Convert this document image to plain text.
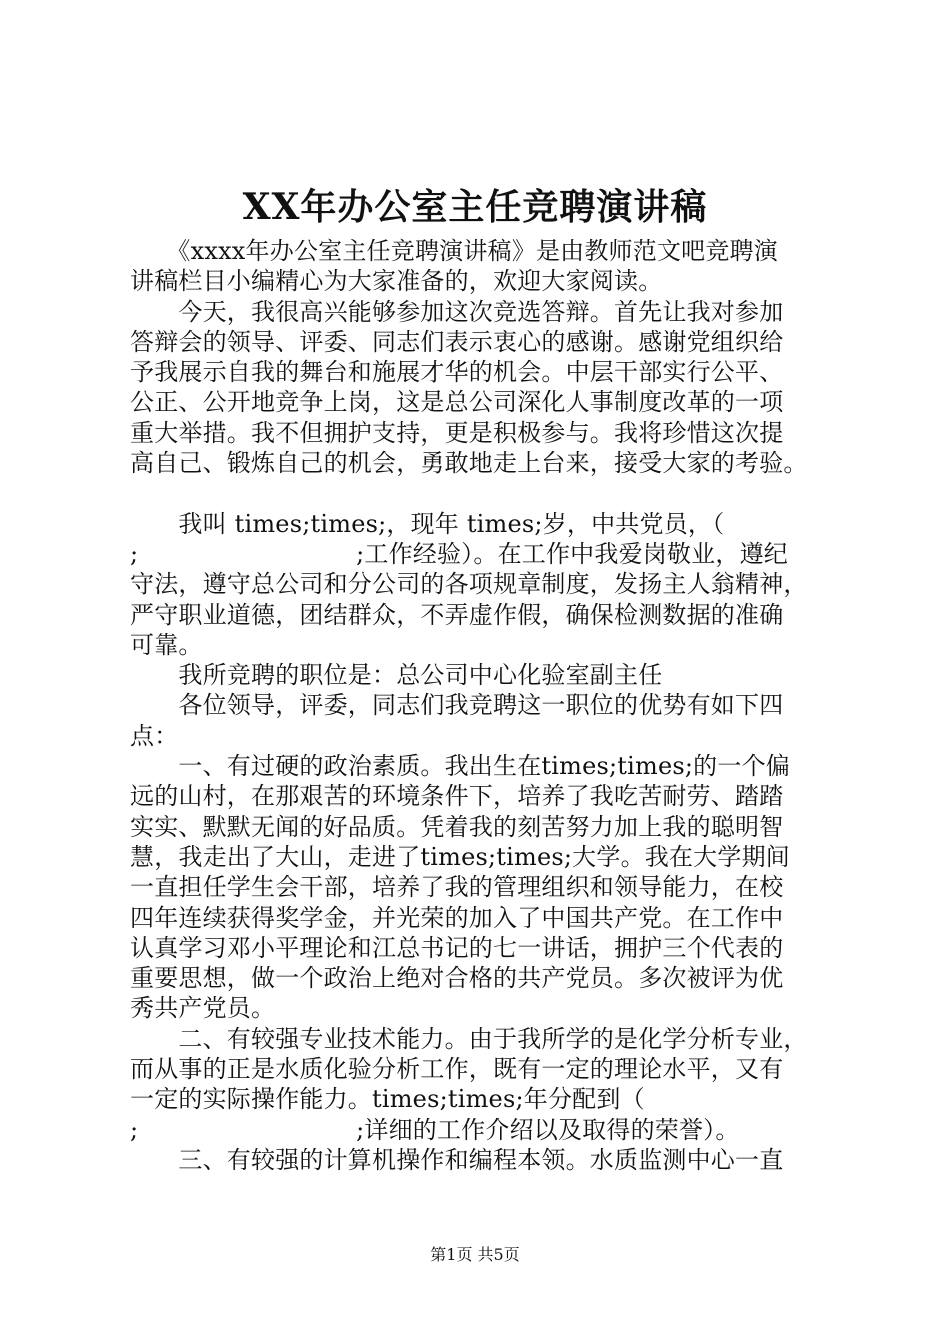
XX年办公室主任竞聘演讲稿
　　《xxxx年办公室主任竞聘演讲稿》是由教师范文吧竞聘演
讲稿栏目小编精心为大家准备的，欢迎大家阅读。
　　今天，我很高兴能够参加这次竞选答辩。首先让我对参加
答辩会的领导、评委、同志们表示衷心的感谢。感谢党组织给
予我展示自我的舞台和施展才华的机会。中层干部实行公平、
公正、公开地竞争上岗，这是总公司深化人事制度改革的一项
重大举措。我不但拥护支持，更是积极参与。我将珍惜这次提
高自己、锻炼自己的机会，勇敢地走上台来，接受大家的考验。
　　我叫 times;times;，现年 times;岁，中共党员，（
;　　　　　　　　　;工作经验）。在工作中我爱岗敬业，遵纪
守法，遵守总公司和分公司的各项规章制度，发扬主人翁精神，
严守职业道德，团结群众，不弄虚作假，确保检测数据的准确
可靠。
　　我所竞聘的职位是：总公司中心化验室副主任
　　各位领导，评委，同志们我竞聘这一职位的优势有如下四
点：
　　一、有过硬的政治素质。我出生在times;times;的一个偏
远的山村，在那艰苦的环境条件下，培养了我吃苦耐劳、踏踏
实实、默默无闻的好品质。凭着我的刻苦努力加上我的聪明智
慧，我走出了大山，走进了times;times;大学。我在大学期间
一直担任学生会干部，培养了我的管理组织和领导能力，在校
四年连续获得奖学金，并光荣的加入了中国共产党。在工作中
认真学习邓小平理论和江总书记的七一讲话，拥护三个代表的
重要思想，做一个政治上绝对合格的共产党员。多次被评为优
秀共产党员。
　　二、有较强专业技术能力。由于我所学的是化学分析专业，
而从事的正是水质化验分析工作，既有一定的理论水平，又有
一定的实际操作能力。times;times;年分配到（
;　　　　　　　　　;详细的工作介绍以及取得的荣誉）。
　　三、有较强的计算机操作和编程本领。水质监测中心一直
第1页 共5页
